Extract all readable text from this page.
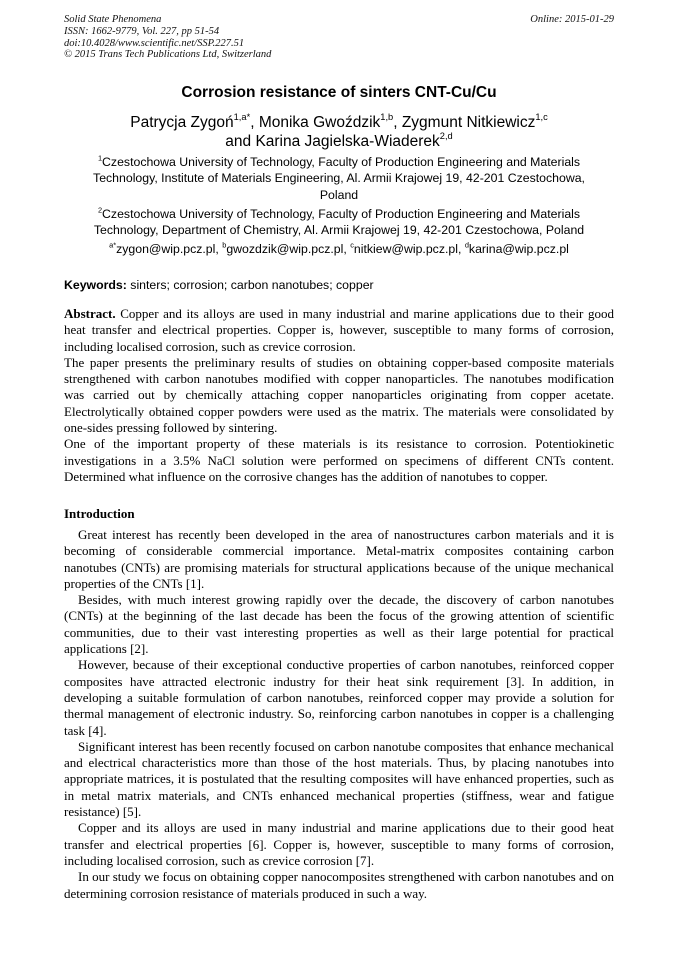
Solid State Phenomena
ISSN: 1662-9779, Vol. 227, pp 51-54
doi:10.4028/www.scientific.net/SSP.227.51
© 2015 Trans Tech Publications Ltd, Switzerland
Online: 2015-01-29
Corrosion resistance of sinters CNT-Cu/Cu
Patrycja Zygoń$^{1,a*}$, Monika Gwoździk$^{1,b}$, Zygmunt Nitkiewicz$^{1,c}$
and Karina Jagielska-Wiaderek$^{2,d}$
$^1$Czestochowa University of Technology, Faculty of Production Engineering and Materials Technology, Institute of Materials Engineering, Al. Armii Krajowej 19, 42-201 Czestochowa, Poland
$^2$Czestochowa University of Technology, Faculty of Production Engineering and Materials Technology, Department of Chemistry, Al. Armii Krajowej 19, 42-201 Czestochowa, Poland
$^{a*}$zygon@wip.pcz.pl, $^b$gwozdzik@wip.pcz.pl, $^c$nitkiew@wip.pcz.pl, $^d$karina@wip.pcz.pl
Keywords: sinters; corrosion; carbon nanotubes; copper

Abstract. Copper and its alloys are used in many industrial and marine applications due to their good heat transfer and electrical properties. Copper is, however, susceptible to many forms of corrosion, including localised corrosion, such as crevice corrosion.

The paper presents the preliminary results of studies on obtaining copper-based composite materials strengthened with carbon nanotubes modified with copper nanoparticles. The nanotubes modification was carried out by chemically attaching copper nanoparticles originating from copper acetate. Electrolytically obtained copper powders were used as the matrix. The materials were consolidated by one-sides pressing followed by sintering.

One of the important property of these materials is its resistance to corrosion. Potentiokinetic investigations in a 3.5% NaCl solution were performed on specimens of different CNTs content. Determined what influence on the corrosive changes has the addition of nanotubes to copper.

Introduction

Great interest has recently been developed in the area of nanostructures carbon materials and it is becoming of considerable commercial importance. Metal-matrix composites containing carbon nanotubes (CNTs) are promising materials for structural applications because of the unique mechanical properties of the CNTs [1].

Besides, with much interest growing rapidly over the decade, the discovery of carbon nanotubes (CNTs) at the beginning of the last decade has been the focus of the growing attention of scientific communities, due to their vast interesting properties as well as their large potential for practical applications [2].

However, because of their exceptional conductive properties of carbon nanotubes, reinforced copper composites have attracted electronic industry for their heat sink requirement [3]. In addition, in developing a suitable formulation of carbon nanotubes, reinforced copper may provide a solution for thermal management of electronic industry. So, reinforcing carbon nanotubes in copper is a challenging task [4].

Significant interest has been recently focused on carbon nanotube composites that enhance mechanical and electrical characteristics more than those of the host materials. Thus, by placing nanotubes into appropriate matrices, it is postulated that the resulting composites will have enhanced properties, such as in metal matrix materials, and CNTs enhanced mechanical properties (stiffness, wear and fatigue resistance) [5].

Copper and its alloys are used in many industrial and marine applications due to their good heat transfer and electrical properties [6]. Copper is, however, susceptible to many forms of corrosion, including localised corrosion, such as crevice corrosion [7].

In our study we focus on obtaining copper nanocomposites strengthened with carbon nanotubes and on determining corrosion resistance of materials produced in such a way.
